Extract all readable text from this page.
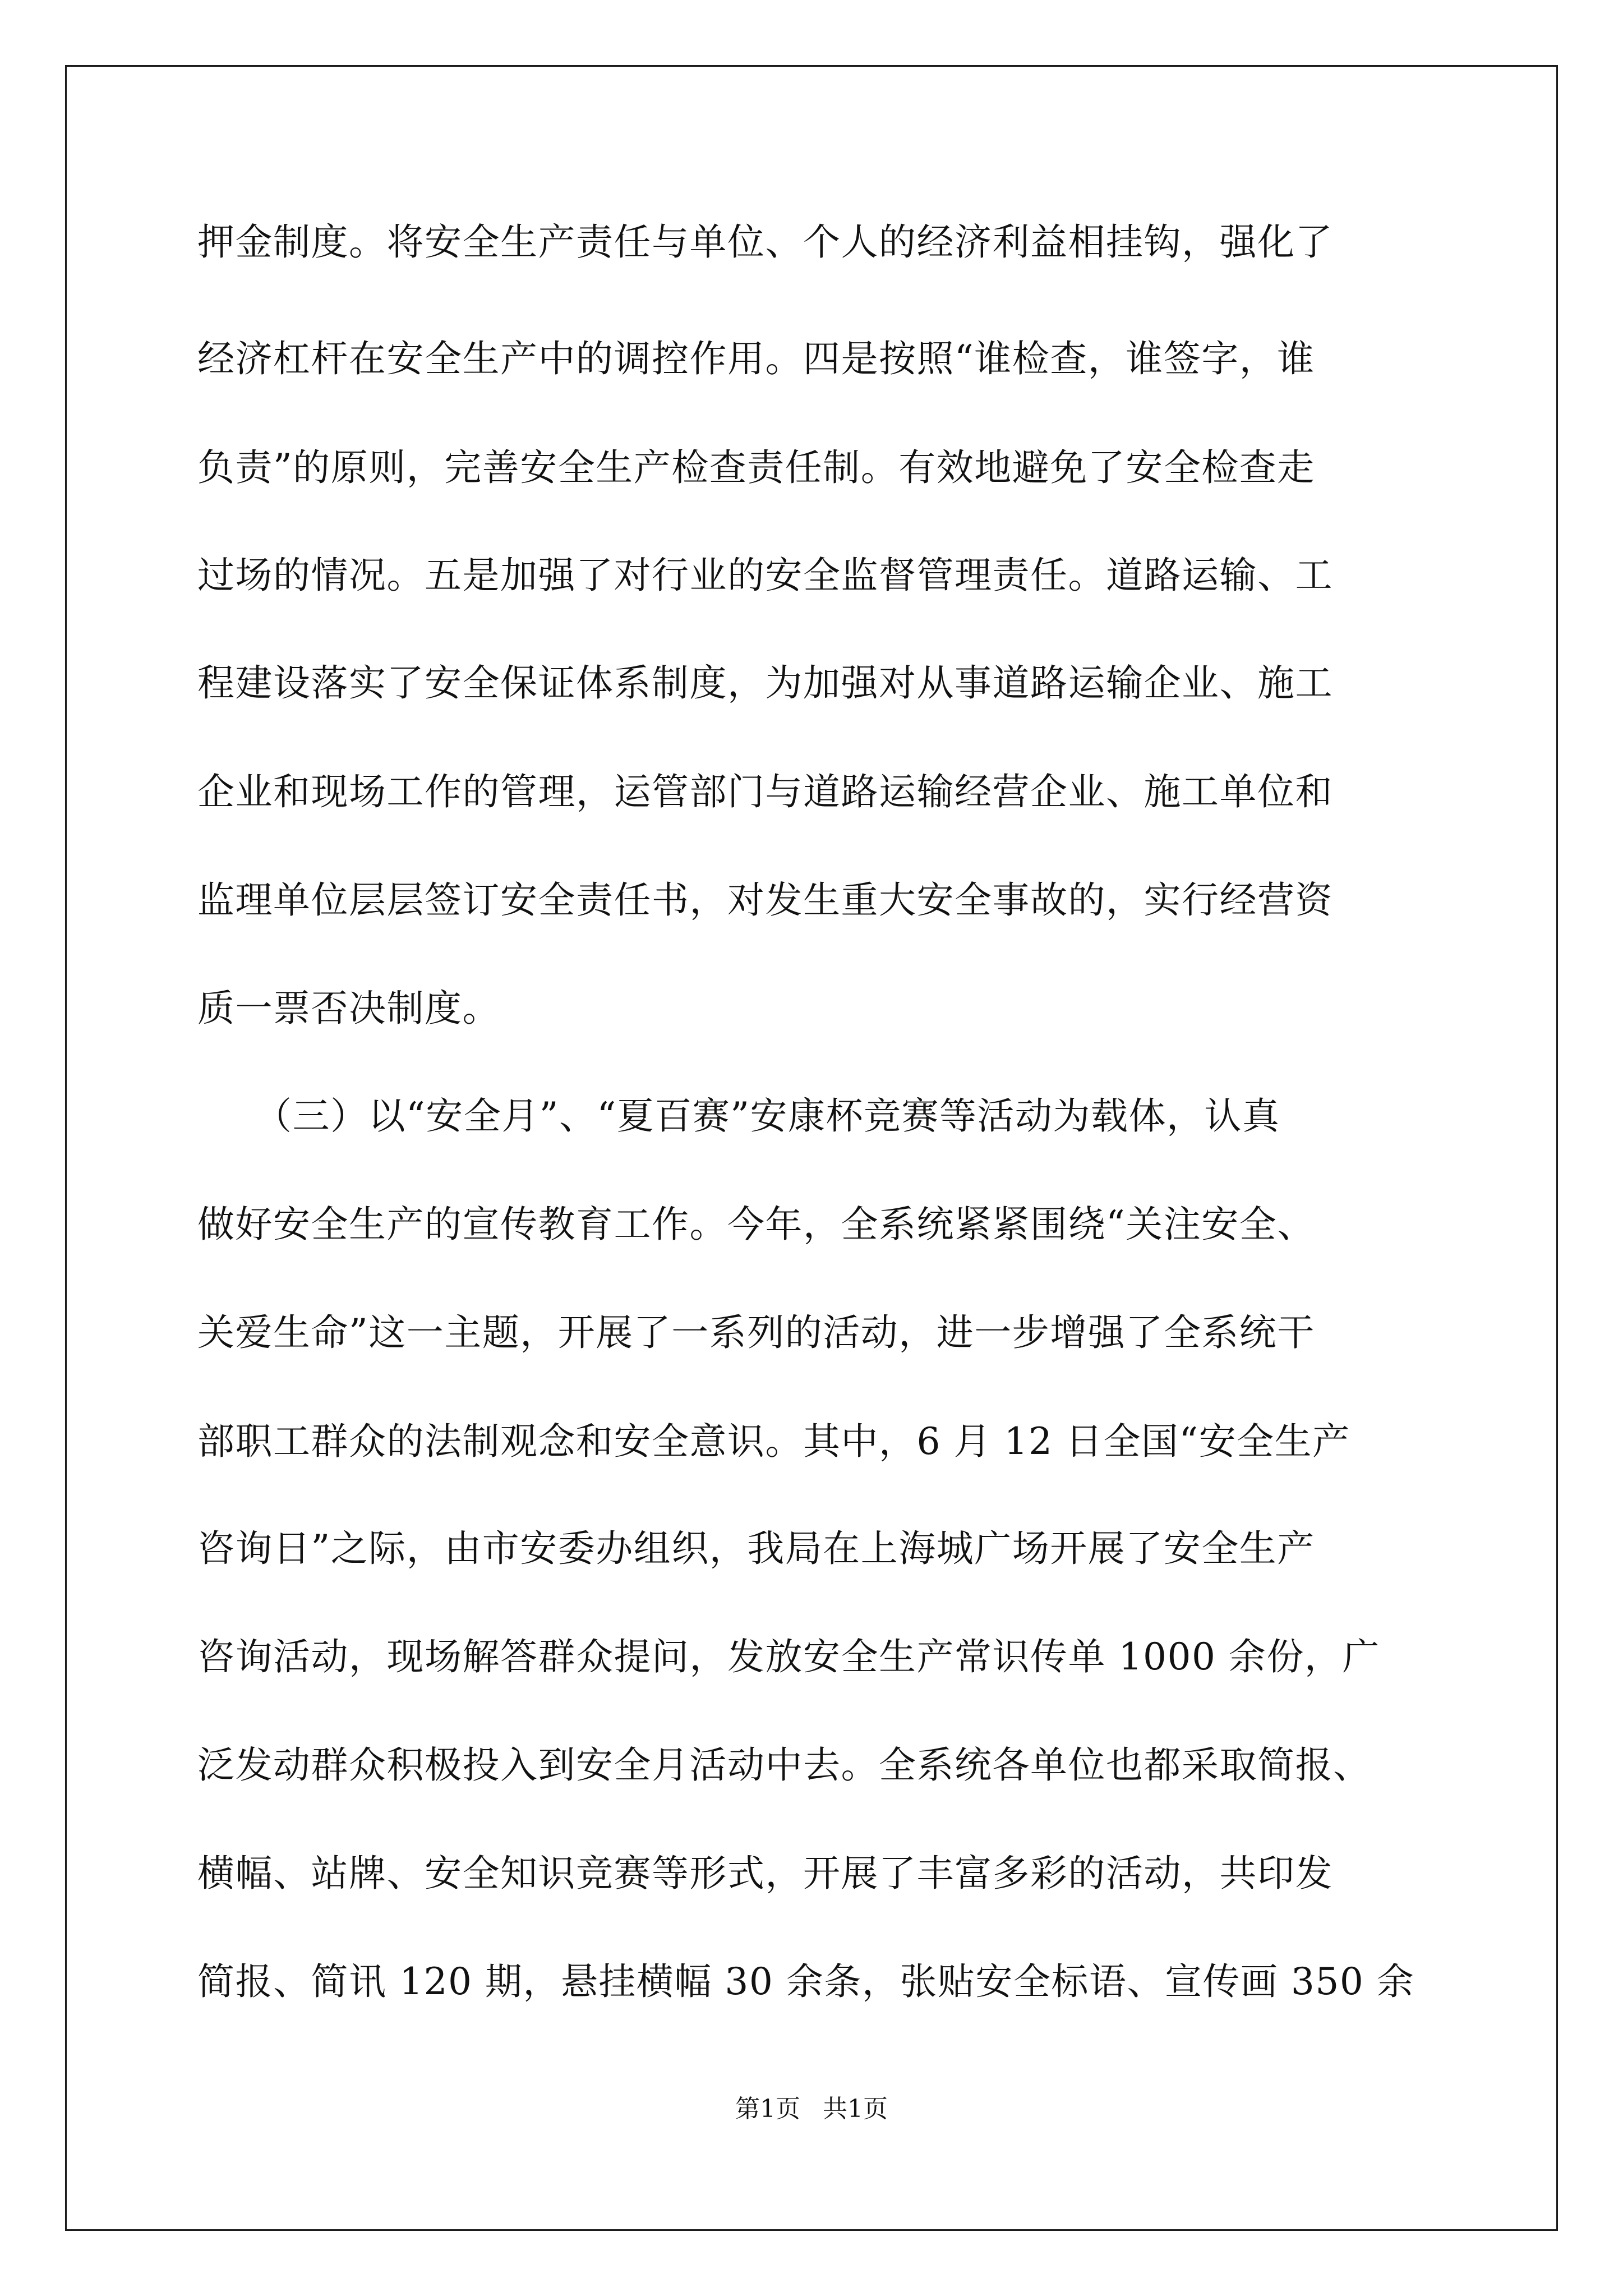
押金制度。将安全生产责任与单位、个人的经济利益相挂钩，强化了

经济杠杆在安全生产中的调控作用。四是按照“谁检查，谁签字，谁

负责”的原则，完善安全生产检查责任制。有效地避免了安全检查走

过场的情况。五是加强了对行业的安全监督管理责任。道路运输、工

程建设落实了安全保证体系制度，为加强对从事道路运输企业、施工

企业和现场工作的管理，运管部门与道路运输经营企业、施工单位和

监理单位层层签订安全责任书，对发生重大安全事故的，实行经营资

质一票否决制度。

　　（三）以“安全月”、“夏百赛”安康杯竞赛等活动为载体，认真

做好安全生产的宣传教育工作。今年，全系统紧紧围绕“关注安全、

关爱生命”这一主题，开展了一系列的活动，进一步增强了全系统干

部职工群众的法制观念和安全意识。其中，6 月 12 日全国“安全生产

咨询日”之际，由市安委办组织，我局在上海城广场开展了安全生产

咨询活动，现场解答群众提问，发放安全生产常识传单 1000 余份，广

泛发动群众积极投入到安全月活动中去。全系统各单位也都采取简报、

横幅、站牌、安全知识竞赛等形式，开展了丰富多彩的活动，共印发

简报、简讯 120 期，悬挂横幅 30 余条，张贴安全标语、宣传画 350 余

第1页 共1页
